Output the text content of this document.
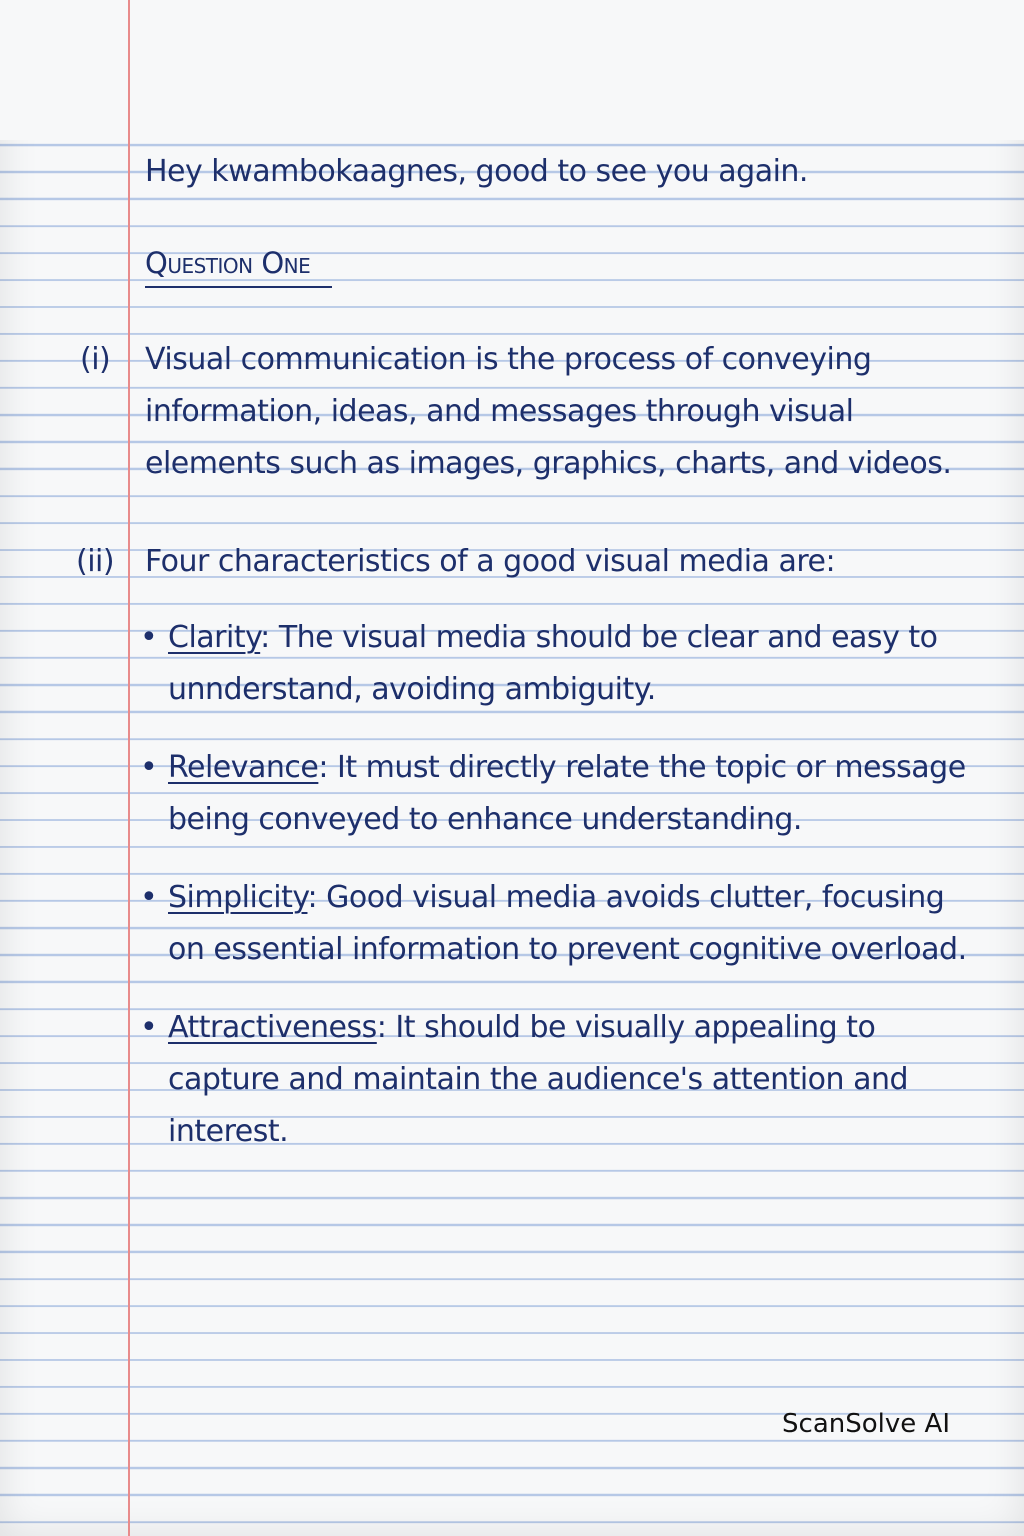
Hey kwambokaagnes, good to see you again.

Question One

(i) Visual communication is the process of conveying information, ideas, and messages through visual elements such as images, graphics, charts, and videos.

(ii) Four characteristics of a good visual media are:

• Clarity: The visual media should be clear and easy to unnderstand, avoiding ambiguity.
• Relevance: It must directly relate the topic or message being conveyed to enhance understanding.
• Simplicity: Good visual media avoids clutter, focusing on essential information to prevent cognitive overload.
• Attractiveness: It should be visually appealing to capture and maintain the audience's attention and interest.
ScanSolve AI
